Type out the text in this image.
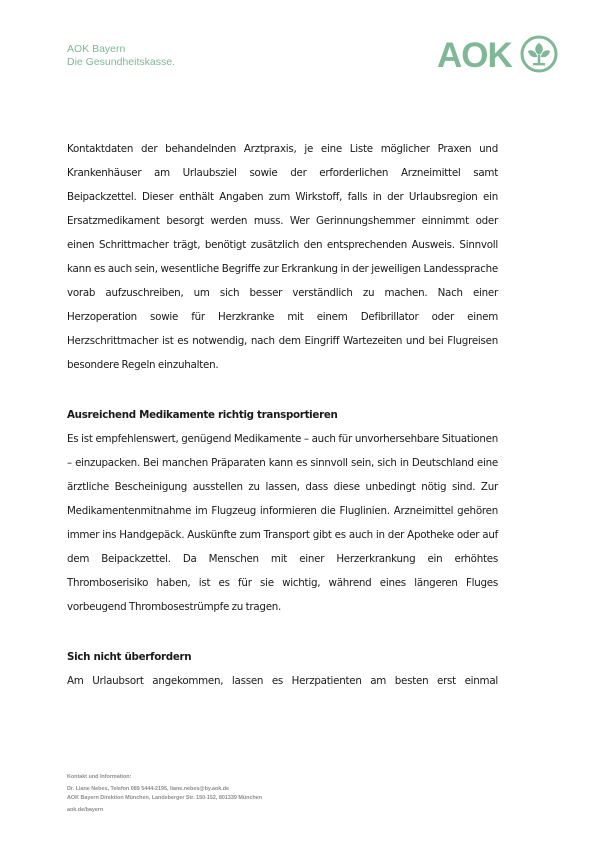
AOK Bayern
Die Gesundheitskasse.	AOK

Kontaktdaten der behandelnden Arztpraxis, je eine Liste möglicher Praxen und Krankenhäuser am Urlaubsziel sowie der erforderlichen Arzneimittel samt Beipackzettel. Dieser enthält Angaben zum Wirkstoff, falls in der Urlaubsregion ein Ersatzmedikament besorgt werden muss. Wer Gerinnungshemmer einnimmt oder einen Schrittmacher trägt, benötigt zusätzlich den entsprechenden Ausweis. Sinnvoll kann es auch sein, wesentliche Begriffe zur Erkrankung in der jeweiligen Landessprache vorab aufzuschreiben, um sich besser verständlich zu machen. Nach einer Herzoperation sowie für Herzkranke mit einem Defibrillator oder einem Herzschrittmacher ist es notwendig, nach dem Eingriff Wartezeiten und bei Flugreisen besondere Regeln einzuhalten.

Ausreichend Medikamente richtig transportieren

Es ist empfehlenswert, genügend Medikamente – auch für unvorhersehbare Situationen – einzupacken. Bei manchen Präparaten kann es sinnvoll sein, sich in Deutschland eine ärztliche Bescheinigung ausstellen zu lassen, dass diese unbedingt nötig sind. Zur Medikamentenmitnahme im Flugzeug informieren die Fluglinien. Arzneimittel gehören immer ins Handgepäck. Auskünfte zum Transport gibt es auch in der Apotheke oder auf dem Beipackzettel. Da Menschen mit einer Herzerkrankung ein erhöhtes Thromboserisiko haben, ist es für sie wichtig, während eines längeren Fluges vorbeugend Thrombosestrümpfe zu tragen.

Sich nicht überfordern

Am Urlaubsort angekommen, lassen es Herzpatienten am besten erst einmal

Kontakt und Information:
Dr. Liane Nebes, Telefon 089 5444-2195, liane.nebes@by.aok.de
AOK Bayern Direktion München, Landsberger Str. 150-152, 801339 München
aok.de/bayern
